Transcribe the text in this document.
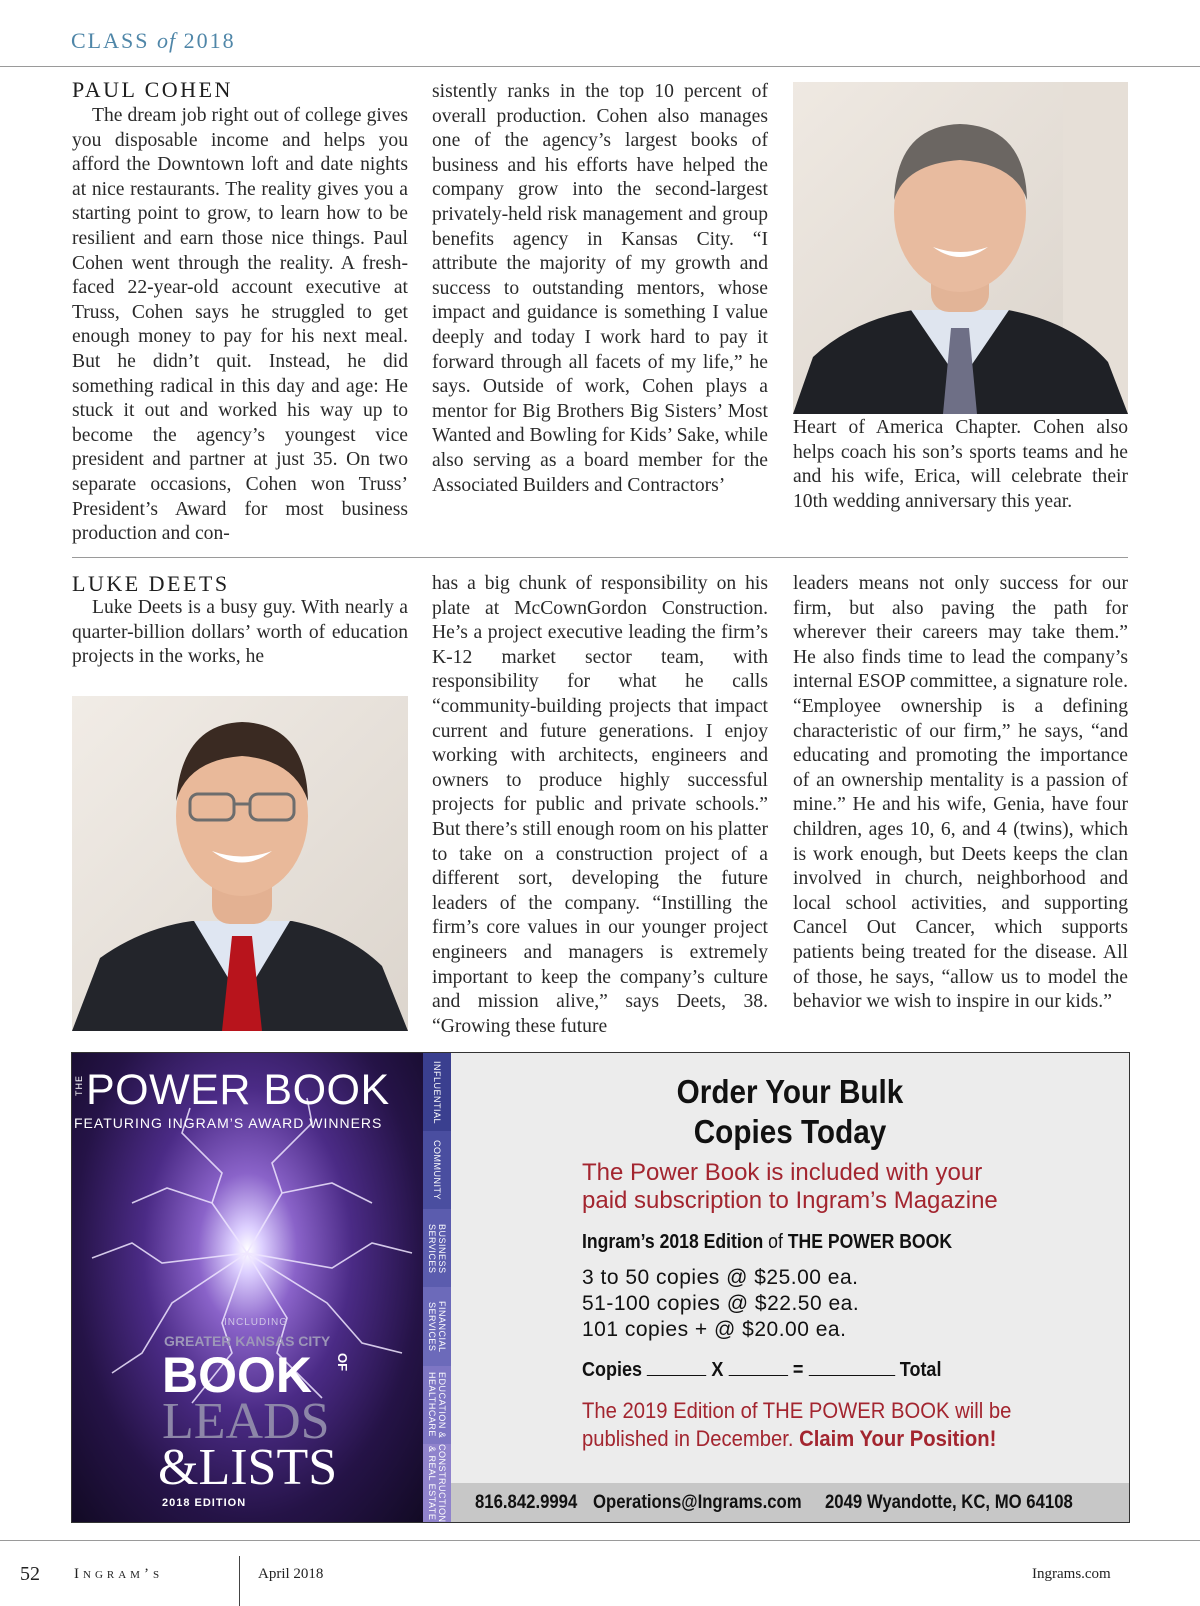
CLASS of 2018
PAUL COHEN

The dream job right out of college gives you disposable income and helps you afford the Downtown loft and date nights at nice restaurants. The reality gives you a starting point to grow, to learn how to be resilient and earn those nice things. Paul Cohen went through the reality. A fresh-faced 22-year-old account executive at Truss, Cohen says he struggled to get enough money to pay for his next meal. But he didn’t quit. Instead, he did something radical in this day and age: He stuck it out and worked his way up to become the agency’s youngest vice president and partner at just 35. On two separate occasions, Cohen won Truss’ President’s Award for most business production and con-

sistently ranks in the top 10 percent of overall production. Cohen also manages one of the agency’s largest books of business and his efforts have helped the company grow into the second-largest privately-held risk management and group benefits agency in Kansas City. “I attribute the majority of my growth and success to outstanding mentors, whose impact and guidance is something I value deeply and today I work hard to pay it forward through all facets of my life,” he says. Outside of work, Cohen plays a mentor for Big Brothers Big Sisters’ Most Wanted and Bowling for Kids’ Sake, while also serving as a board member for the Associated Builders and Contractors’

Heart of America Chapter. Cohen also helps coach his son’s sports teams and he and his wife, Erica, will celebrate their 10th wedding anniversary this year.

LUKE DEETS

Luke Deets is a busy guy. With nearly a quarter-billion dollars’ worth of education projects in the works, he

has a big chunk of responsibility on his plate at McCownGordon Construction. He’s a project executive leading the firm’s K-12 market sector team, with responsibility for what he calls “community-building projects that impact current and future generations. I enjoy working with architects, engineers and owners to produce highly successful projects for public and private schools.” But there’s still enough room on his platter to take on a construction project of a different sort, developing the future leaders of the company. “Instilling the firm’s core values in our younger project engineers and managers is extremely important to keep the company’s culture and mission alive,” says Deets, 38. “Growing these future

leaders means not only success for our firm, but also paving the path for wherever their careers may take them.” He also finds time to lead the company’s internal ESOP committee, a signature role. “Employee ownership is a defining characteristic of our firm,” he says, “and educating and promoting the importance of an ownership mentality is a passion of mine.” He and his wife, Genia, have four children, ages 10, 6, and 4 (twins), which is work enough, but Deets keeps the clan involved in church, neighborhood and local school activities, and supporting Cancel Out Cancer, which supports patients being treated for the disease. All of those, he says, “allow us to model the behavior we wish to inspire in our kids.”

THE POWER BOOK
FEATURING INGRAM’S AWARD WINNERS
INCLUDING
GREATER KANSAS CITY
BOOK OF
LEADS
&LISTS
2018 EDITION
INFLUENTIAL
COMMUNITY
BUSINESS SERVICES
FINANCIAL SERVICES
EDUCATION & HEALTHCARE
CONSTRUCTION & REAL ESTATE
Order Your Bulk
Copies Today
The Power Book is included with your
paid subscription to Ingram’s Magazine
Ingram’s 2018 Edition of THE POWER BOOK
3 to 50 copies @ $25.00 ea.
51-100 copies @ $22.50 ea.
101 copies + @ $20.00 ea.
Copies	X	=	Total
The 2019 Edition of THE POWER BOOK will be
published in December. Claim Your Position!
816.842.9994 Operations@Ingrams.com 2049 Wyandotte, KC, MO 64108
52 Ingram’s	April 2018	Ingrams.com
